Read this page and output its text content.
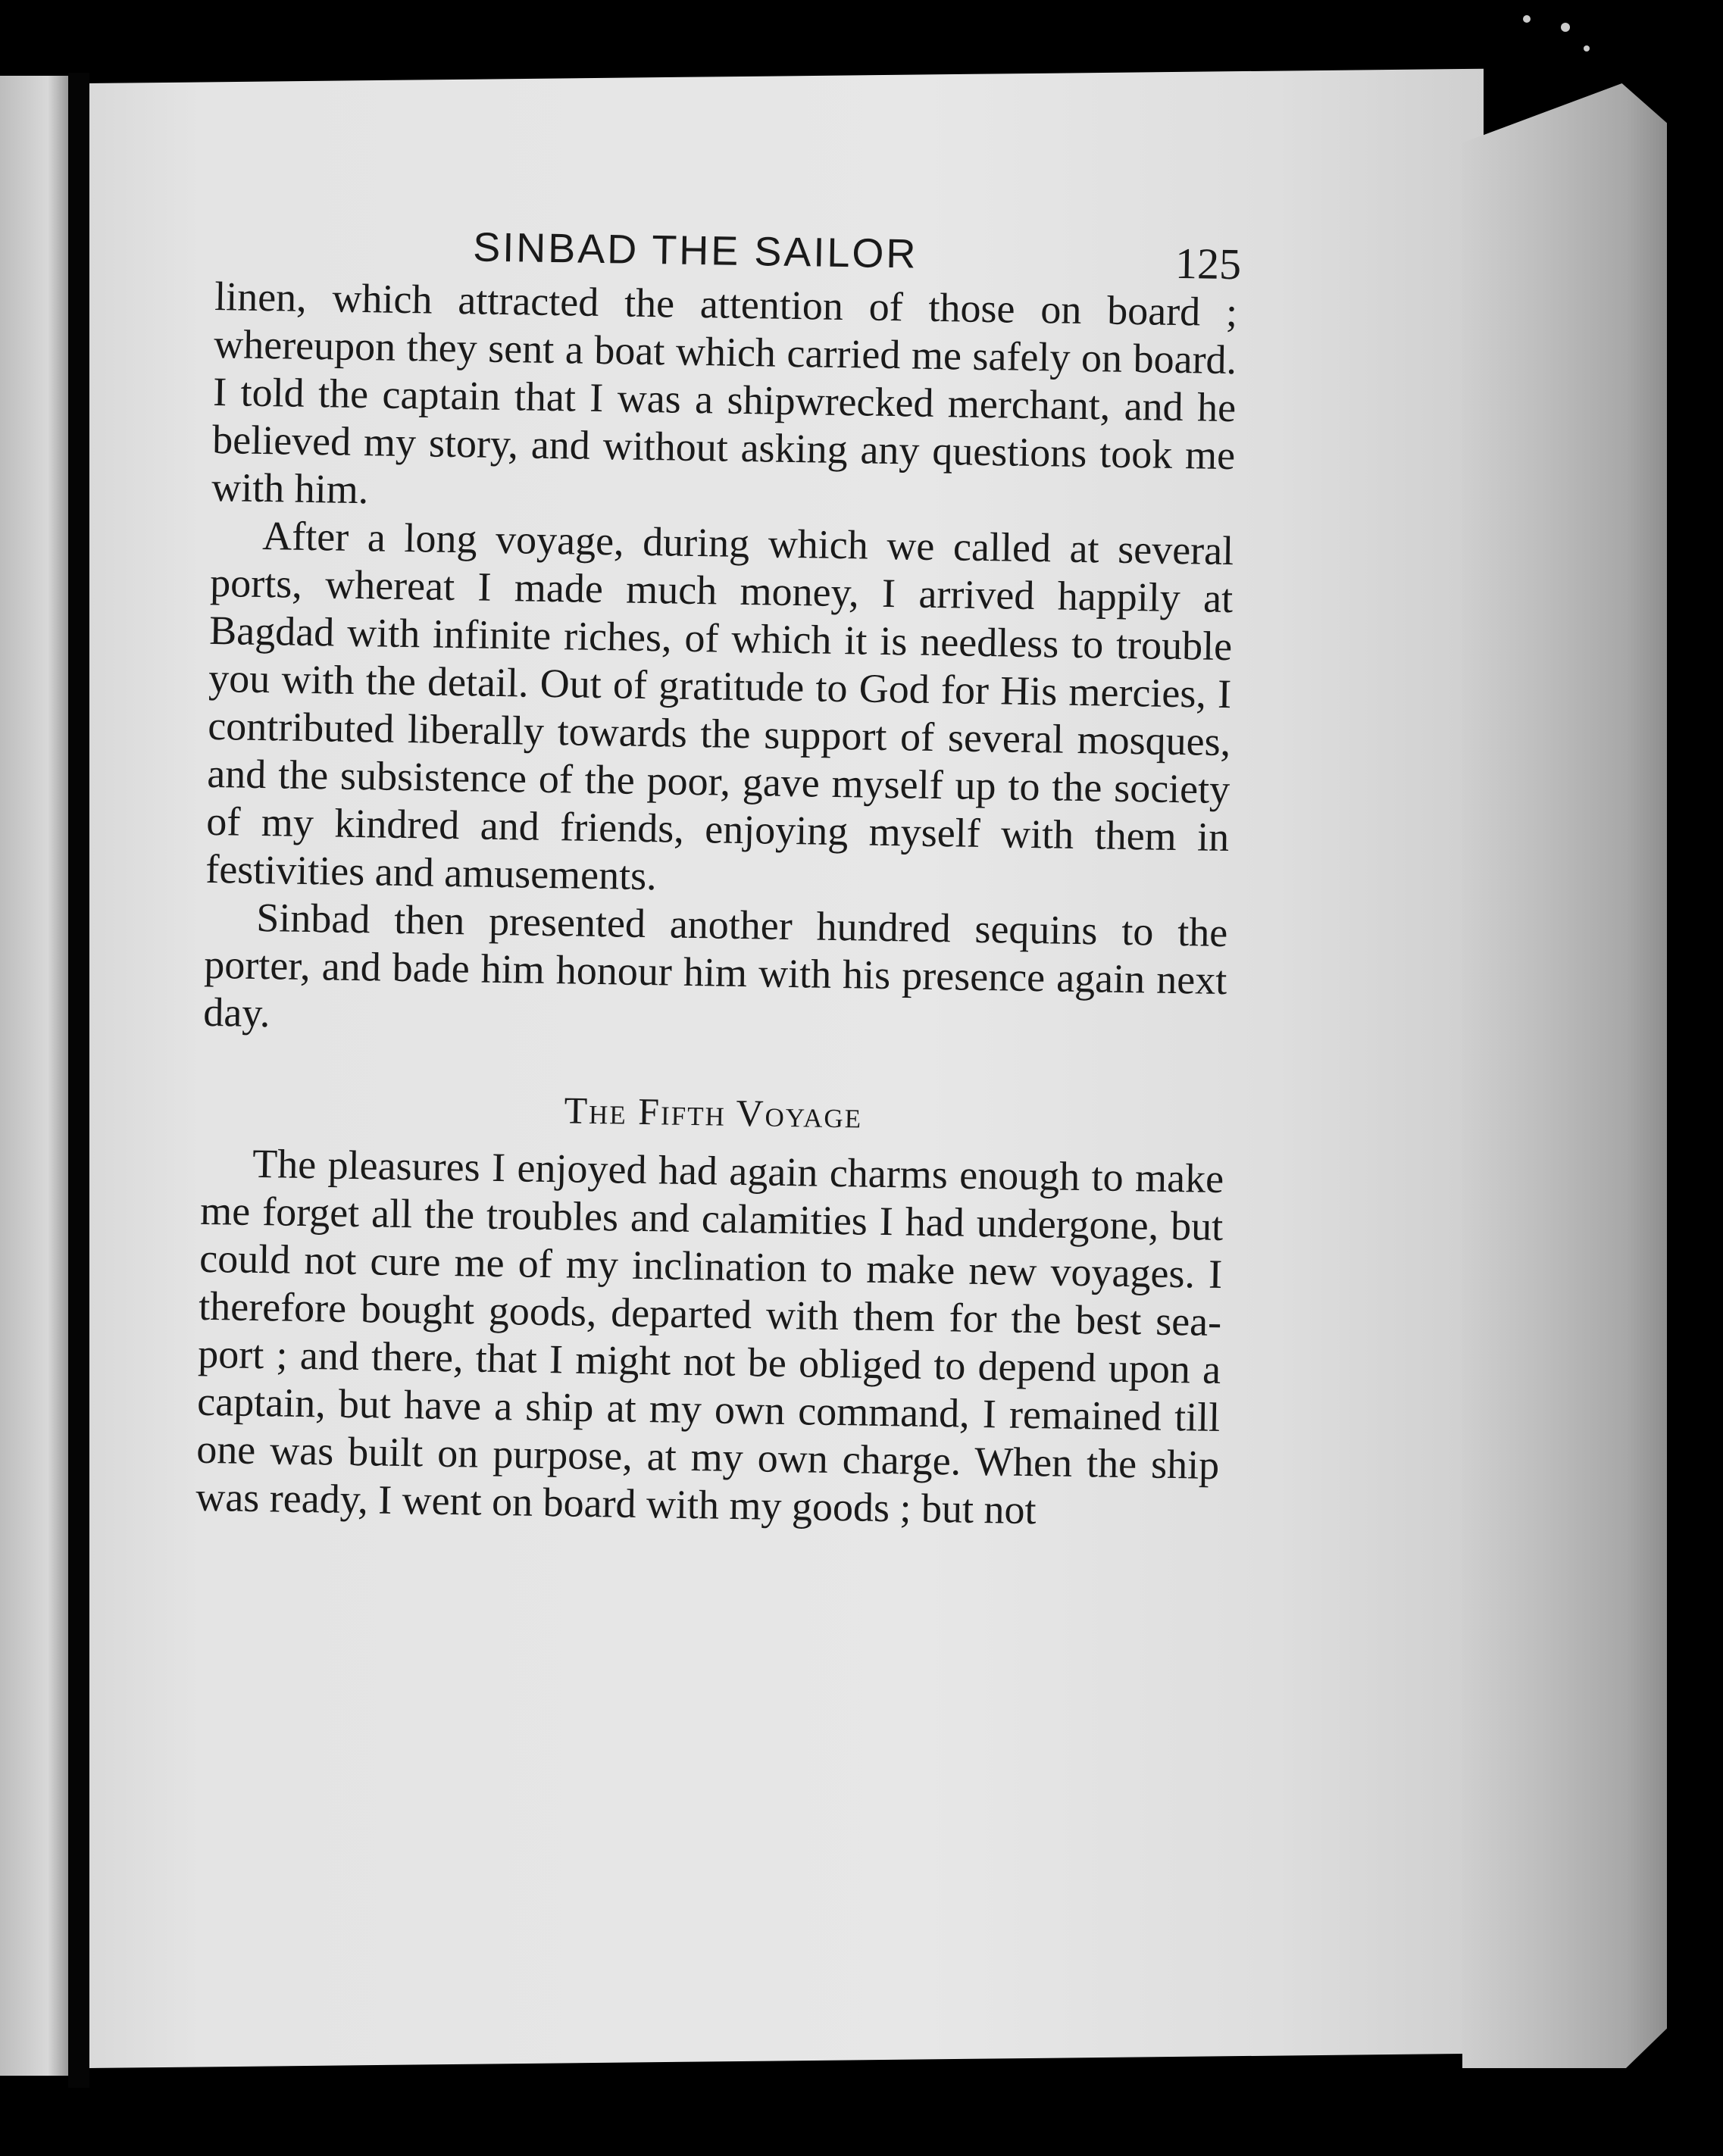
SINBAD THE SAILOR	125

linen, which attracted the attention of those on board ; whereupon they sent a boat which carried me safely on board. I told the captain that I was a shipwrecked merchant, and he believed my story, and without asking any questions took me with him.

After a long voyage, during which we called at several ports, whereat I made much money, I arrived happily at Bagdad with infinite riches, of which it is needless to trouble you with the detail. Out of gratitude to God for His mercies, I contributed liberally towards the support of several mosques, and the subsistence of the poor, gave myself up to the society of my kindred and friends, enjoying myself with them in festivities and amusements.

Sinbad then presented another hundred sequins to the porter, and bade him honour him with his presence again next day.

The Fifth Voyage

The pleasures I enjoyed had again charms enough to make me forget all the troubles and calamities I had undergone, but could not cure me of my inclination to make new voyages. I therefore bought goods, departed with them for the best sea-port ; and there, that I might not be obliged to depend upon a captain, but have a ship at my own command, I remained till one was built on purpose, at my own charge. When the ship was ready, I went on board with my goods ; but not
